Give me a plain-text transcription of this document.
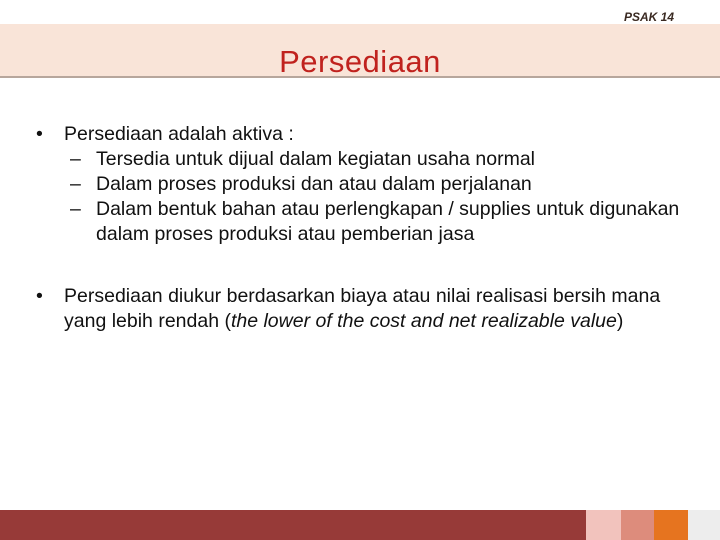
PSAK 14
Persediaan
• Persediaan adalah aktiva :
– Tersedia untuk dijual dalam kegiatan usaha normal
– Dalam proses produksi dan atau dalam perjalanan
– Dalam bentuk bahan atau perlengkapan / supplies untuk digunakan dalam proses produksi atau pemberian jasa
• Persediaan diukur berdasarkan biaya atau nilai realisasi bersih mana yang lebih rendah (the lower of the cost and net realizable value)
